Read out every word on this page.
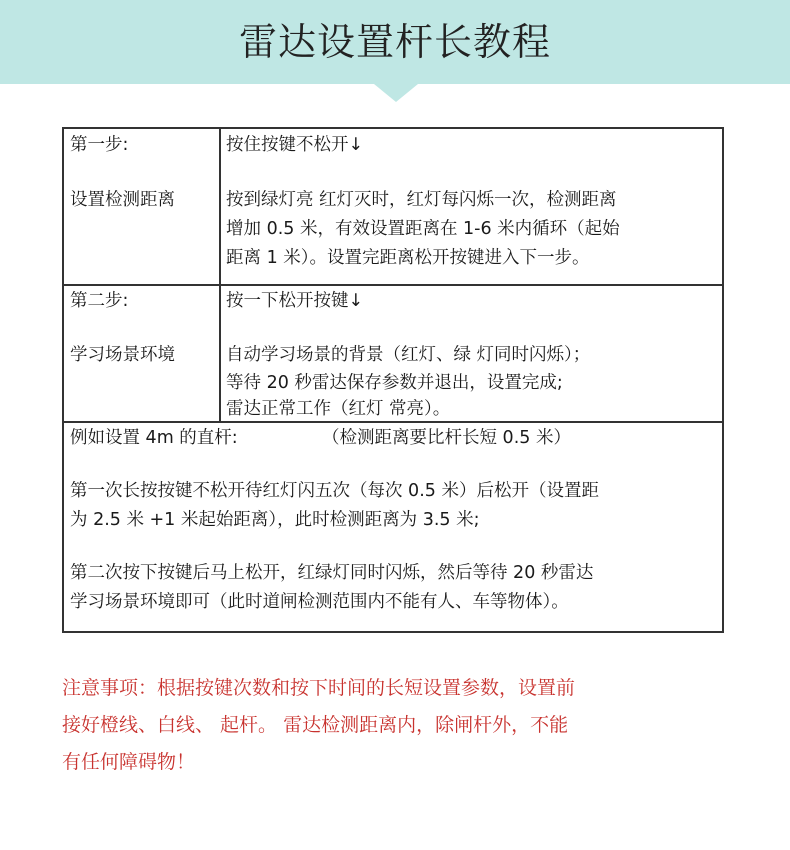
雷达设置杆长教程
第一步:
设置检测距离
按住按键不松开↓
按到绿灯亮 红灯灭时，红灯每闪烁一次，检测距离
增加 0.5 米，有效设置距离在 1-6 米内循环（起始
距离 1 米）。设置完距离松开按键进入下一步。
第二步:
学习场景环境
按一下松开按键↓
自动学习场景的背景（红灯、绿 灯同时闪烁）；
等待 20 秒雷达保存参数并退出，设置完成;
雷达正常工作（红灯 常亮）。
例如设置 4m 的直杆:	（检测距离要比杆长短 0.5 米）
第一次长按按键不松开待红灯闪五次（每次 0.5 米）后松开（设置距
为 2.5 米 +1 米起始距离），此时检测距离为 3.5 米;
第二次按下按键后马上松开，红绿灯同时闪烁，然后等待 20 秒雷达
学习场景环境即可（此时道闸检测范围内不能有人、车等物体）。
注意事项：根据按键次数和按下时间的长短设置参数，设置前
接好橙线、白线、 起杆。 雷达检测距离内，除闸杆外，不能
有任何障碍物！
